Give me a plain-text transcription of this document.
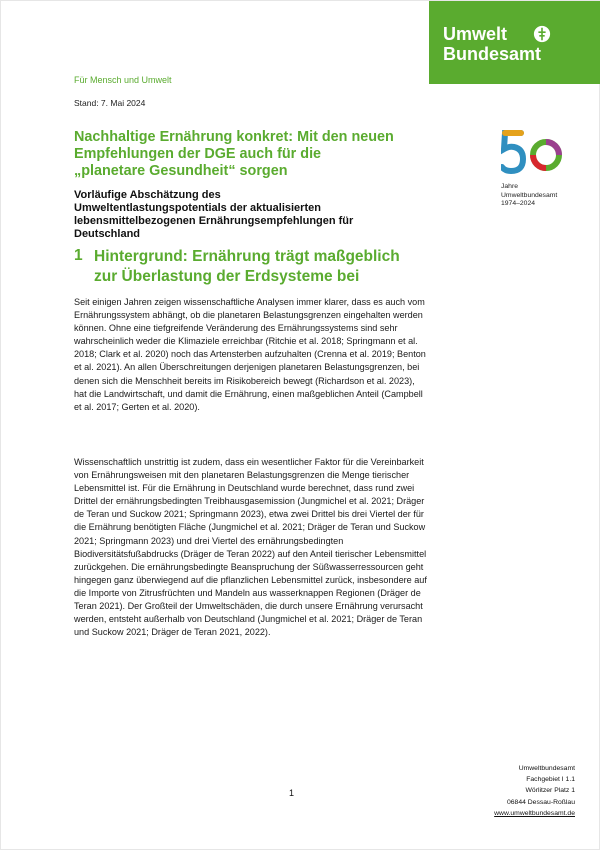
Umwelt
Bundesamt
Für Mensch und Umwelt
Stand: 7. Mai 2024
Nachhaltige Ernährung konkret: Mit den neuen Empfehlungen der DGE auch für die „planetare Gesundheit“ sorgen
Vorläufige Abschätzung des Umweltentlastungspotentials der aktualisierten lebensmittelbezogenen Ernährungsempfehlungen für Deutschland
Jahre
Umweltbundesamt
1974–2024
1 Hintergrund: Ernährung trägt maßgeblich zur Überlastung der Erdsysteme bei
Seit einigen Jahren zeigen wissenschaftliche Analysen immer klarer, dass es auch vom Ernährungssystem abhängt, ob die planetaren Belastungsgrenzen eingehalten werden können. Ohne eine tiefgreifende Veränderung des Ernährungssystems sind sehr wahrscheinlich weder die Klimaziele erreichbar (Ritchie et al. 2018; Springmann et al. 2018; Clark et al. 2020) noch das Artensterben aufzuhalten (Crenna et al. 2019; Benton et al. 2021). An allen Überschreitungen derjenigen planetaren Belastungsgrenzen, bei denen sich die Menschheit bereits im Risikobereich bewegt (Richardson et al. 2023), hat die Landwirtschaft, und damit die Ernährung, einen maßgeblichen Anteil (Campbell et al. 2017; Gerten et al. 2020).
Wissenschaftlich unstrittig ist zudem, dass ein wesentlicher Faktor für die Vereinbarkeit von Ernährungsweisen mit den planetaren Belastungsgrenzen die Menge tierischer Lebensmittel ist. Für die Ernährung in Deutschland wurde berechnet, dass rund zwei Drittel der ernährungsbedingten Treibhausgasemission (Jungmichel et al. 2021; Dräger de Teran und Suckow 2021; Springmann 2023), etwa zwei Drittel bis drei Viertel der für die Ernährung benötigten Fläche (Jungmichel et al. 2021; Dräger de Teran und Suckow 2021; Springmann 2023) und drei Viertel des ernährungsbedingten Biodiversitätsfußabdrucks (Dräger de Teran 2022) auf den Anteil tierischer Lebensmittel zurückgehen. Die ernährungsbedingte Beanspruchung der Süßwasserressourcen geht hingegen ganz überwiegend auf die pflanzlichen Lebensmittel zurück, insbesondere auf die Importe von Zitrusfrüchten und Mandeln aus wasserknappen Regionen (Dräger de Teran 2021). Der Großteil der Umweltschäden, die durch unsere Ernährung verursacht werden, entsteht außerhalb von Deutschland (Jungmichel et al. 2021; Dräger de Teran und Suckow 2021; Dräger de Teran 2021, 2022).
1
Umweltbundesamt
Fachgebiet I 1.1
Wörlitzer Platz 1
06844 Dessau-Roßlau
www.umweltbundesamt.de
